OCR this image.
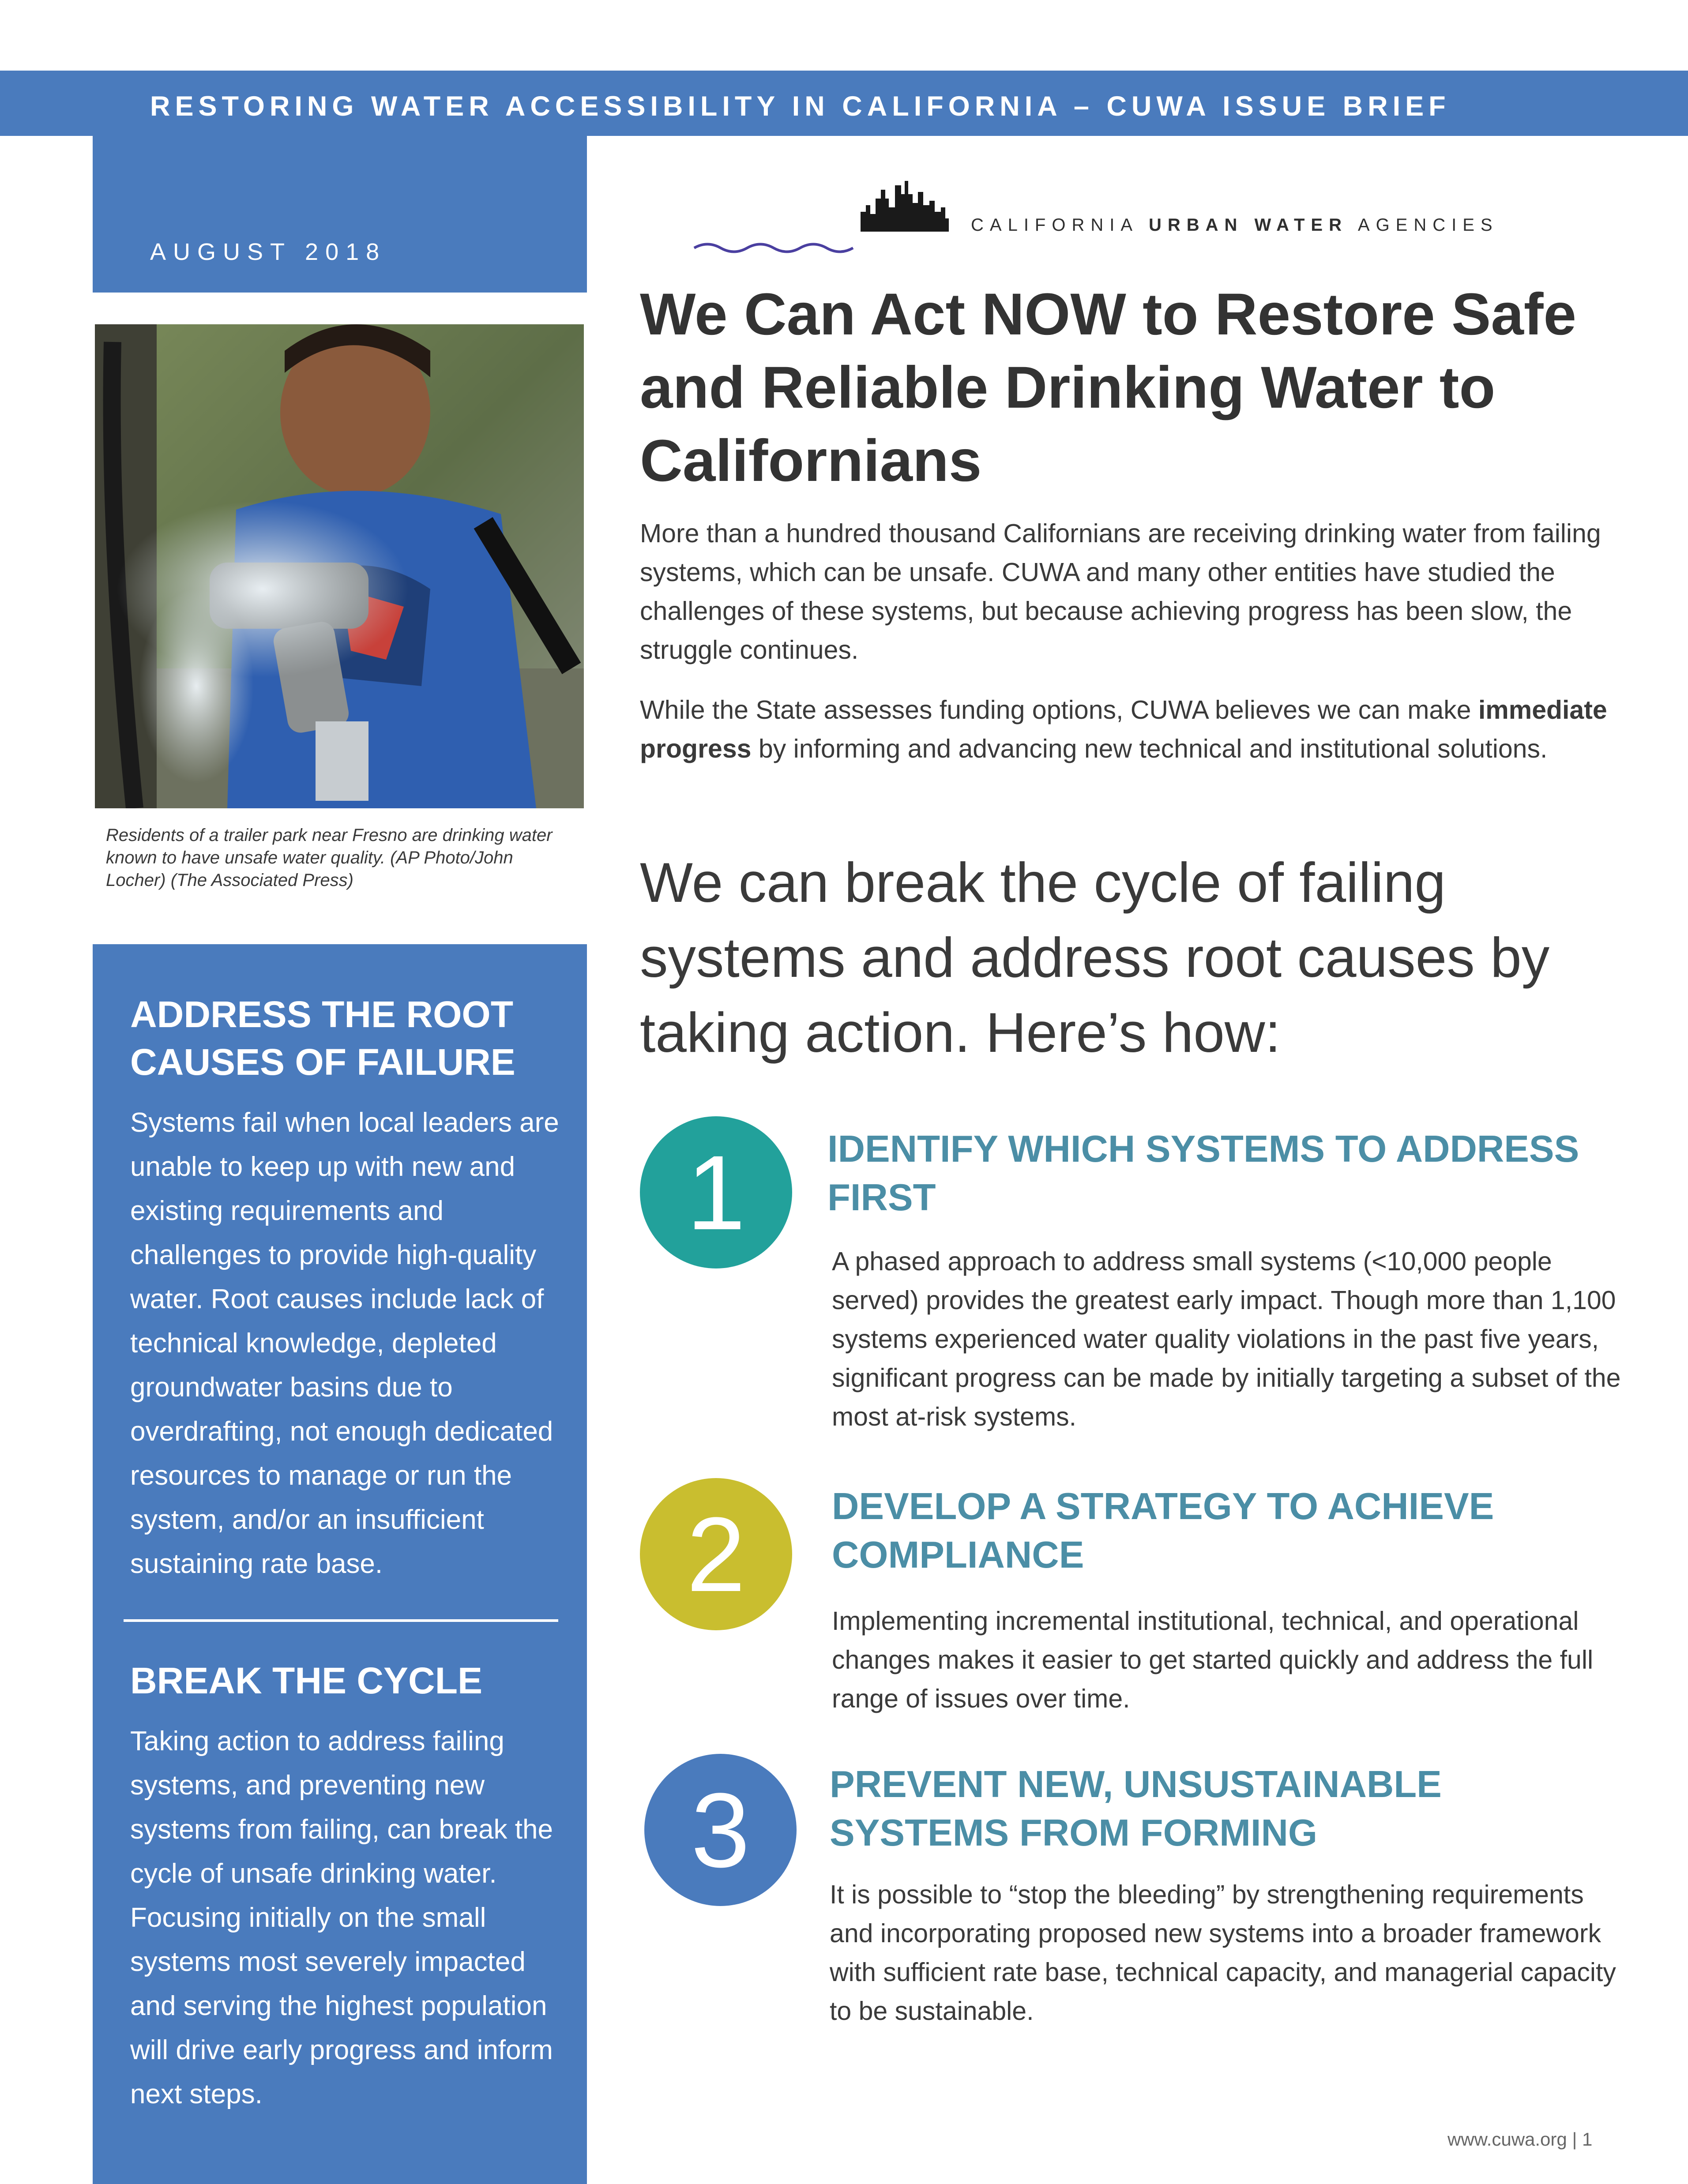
RESTORING WATER ACCESSIBILITY IN CALIFORNIA – CUWA ISSUE BRIEF
AUGUST 2018
Residents of a trailer park near Fresno are drinking water known to have unsafe water quality. (AP Photo/John Locher) (The Associated Press)
ADDRESS THE ROOT CAUSES OF FAILURE
Systems fail when local leaders are unable to keep up with new and existing requirements and challenges to provide high-quality water. Root causes include lack of technical knowledge, depleted groundwater basins due to overdrafting, not enough dedicated resources to manage or run the system, and/or an insufficient sustaining rate base.
BREAK THE CYCLE
Taking action to address failing systems, and preventing new systems from failing, can break the cycle of unsafe drinking water. Focusing initially on the small systems most severely impacted and serving the highest population will drive early progress and inform next steps.
CALIFORNIA URBAN WATER AGENCIES
We Can Act NOW to Restore Safe and Reliable Drinking Water to Californians
More than a hundred thousand Californians are receiving drinking water from failing systems, which can be unsafe. CUWA and many other entities have studied the challenges of these systems, but because achieving progress has been slow, the struggle continues.
While the State assesses funding options, CUWA believes we can make immediate progress by informing and advancing new technical and institutional solutions.
We can break the cycle of failing systems and address root causes by taking action. Here’s how:
1	IDENTIFY WHICH SYSTEMS TO ADDRESS FIRST
A phased approach to address small systems (<10,000 people served) provides the greatest early impact. Though more than 1,100 systems experienced water quality violations in the past five years, significant progress can be made by initially targeting a subset of the most at-risk systems.
2	DEVELOP A STRATEGY TO ACHIEVE COMPLIANCE
Implementing incremental institutional, technical, and operational changes makes it easier to get started quickly and address the full range of issues over time.
3	PREVENT NEW, UNSUSTAINABLE SYSTEMS FROM FORMING
It is possible to “stop the bleeding” by strengthening requirements and incorporating proposed new systems into a broader framework with sufficient rate base, technical capacity, and managerial capacity to be sustainable.
www.cuwa.org | 1
